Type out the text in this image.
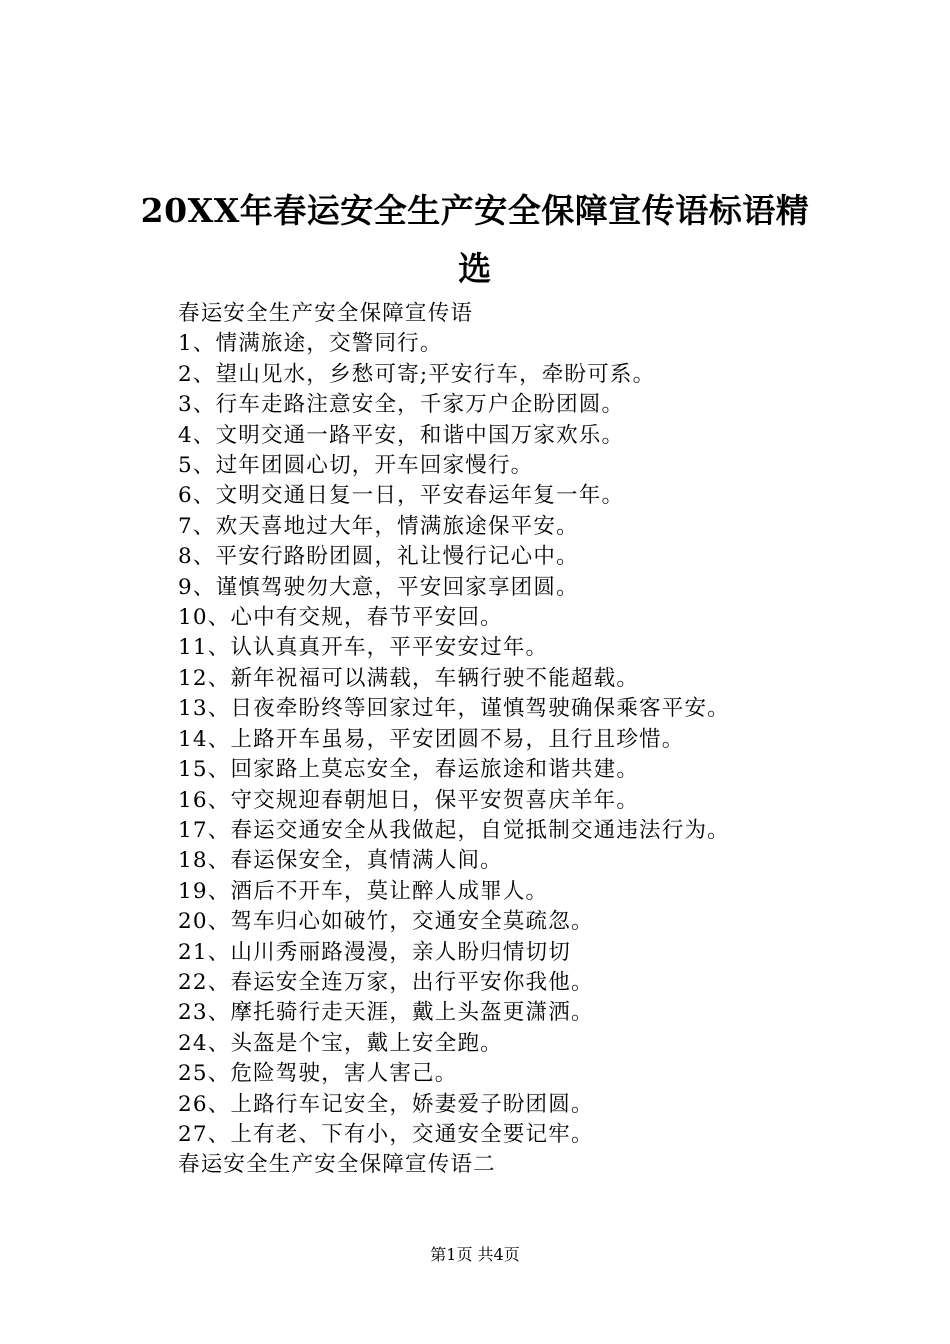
20XX年春运安全生产安全保障宣传语标语精
选
春运安全生产安全保障宣传语
1、情满旅途，交警同行。
2、望山见水，乡愁可寄;平安行车，牵盼可系。
3、行车走路注意安全，千家万户企盼团圆。
4、文明交通一路平安，和谐中国万家欢乐。
5、过年团圆心切，开车回家慢行。
6、文明交通日复一日，平安春运年复一年。
7、欢天喜地过大年，情满旅途保平安。
8、平安行路盼团圆，礼让慢行记心中。
9、谨慎驾驶勿大意，平安回家享团圆。
10、心中有交规，春节平安回。
11、认认真真开车，平平安安过年。
12、新年祝福可以满载，车辆行驶不能超载。
13、日夜牵盼终等回家过年，谨慎驾驶确保乘客平安。
14、上路开车虽易，平安团圆不易，且行且珍惜。
15、回家路上莫忘安全，春运旅途和谐共建。
16、守交规迎春朝旭日，保平安贺喜庆羊年。
17、春运交通安全从我做起，自觉抵制交通违法行为。
18、春运保安全，真情满人间。
19、酒后不开车，莫让醉人成罪人。
20、驾车归心如破竹，交通安全莫疏忽。
21、山川秀丽路漫漫，亲人盼归情切切
22、春运安全连万家，出行平安你我他。
23、摩托骑行走天涯，戴上头盔更潇洒。
24、头盔是个宝，戴上安全跑。
25、危险驾驶，害人害己。
26、上路行车记安全，娇妻爱子盼团圆。
27、上有老、下有小，交通安全要记牢。
春运安全生产安全保障宣传语二
第1页 共4页
